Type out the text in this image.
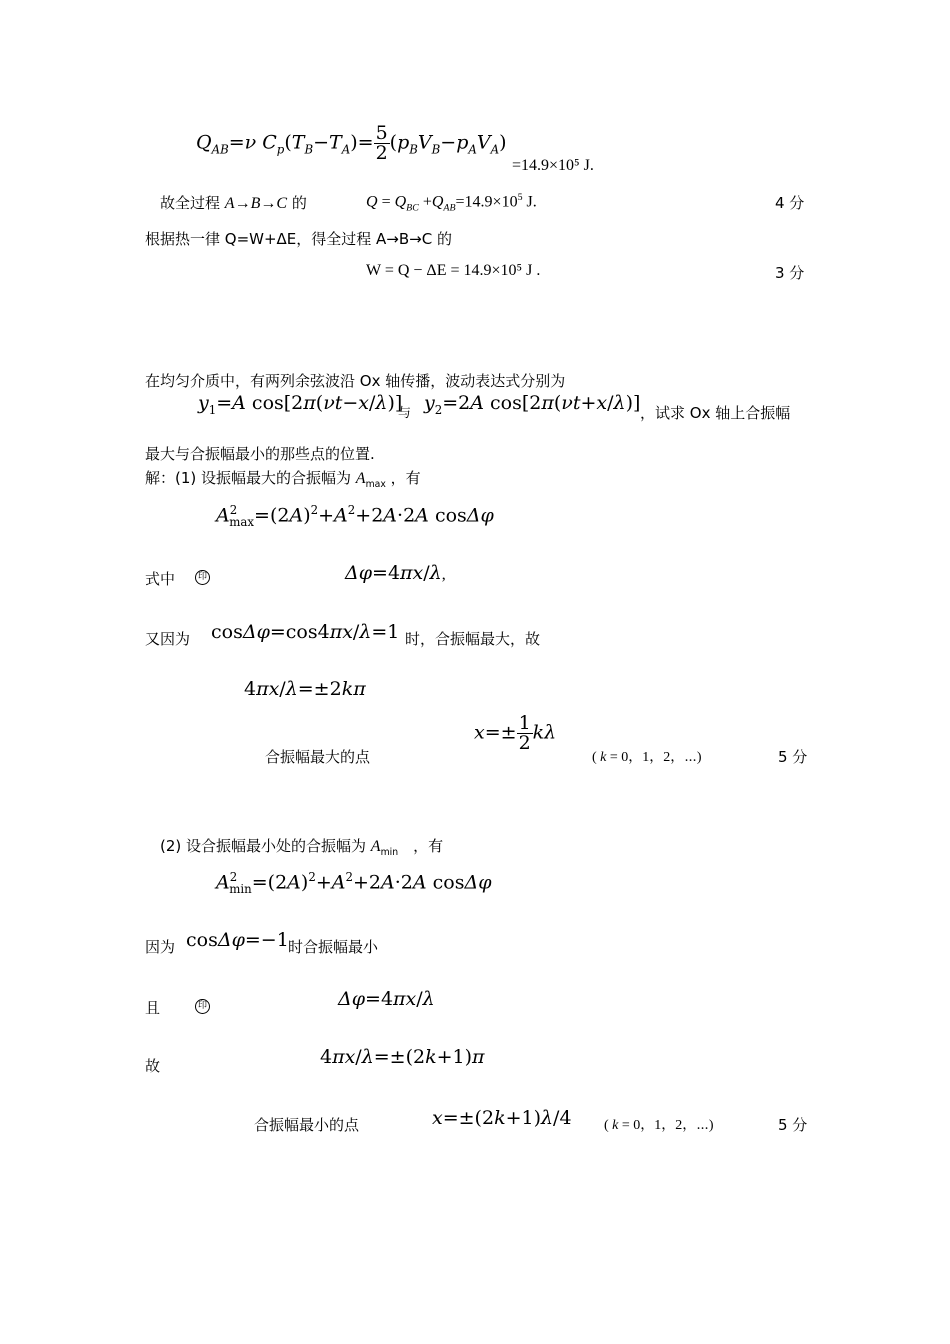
$Q_{AB}=\nu$ $C_p(T_B-T_A)= \frac{5}{2} (p_BV_B-p_AV_A)$
=14.9×10⁵ J.
故全过程 A→B→C 的	$Q = Q_{BC} +Q_{AB}=14.9\times 10^5$ J.	4 分
根据热一律 Q=W+ΔE，得全过程 A→B→C 的
W = Q − ΔE = 14.9×10⁵ J .	3 分
在均匀介质中，有两列余弦波沿 Ox 轴传播，波动表达式分别为
$y_1=A$ cos[2π(νt−x/λ)]
与 $y_2=2A$ cos[2π(νt+x/λ)] ，试求 Ox 轴上合振幅
最大与合振幅最小的那些点的位置.
解：(1) 设振幅最大的合振幅为 $A_{max}$ ，有
$A^2_{max}=(2A)^2+A^2+2A\cdot 2A$ cosΔφ
式中	印	Δφ=4πx/λ,
又因为 cosΔφ=cos4πx/λ=1 时，合振幅最大，故
4πx/λ=±2kπ
合振幅最大的点
$x=\pm \frac{1}{2}$ kλ
( k = 0，1，2，⋯)	5 分
(2) 设合振幅最小处的合振幅为 $A_{min}$　，有
$A^2_{min}=(2A)^2+A^2+2A\cdot 2A$ cosΔφ
因为 cosΔφ=−1 时合振幅最小
且	印	Δφ=4πx/λ
故	4πx/λ=±(2k+1)π
合振幅最小的点	x=±(2k+1)λ/4 ( k = 0，1，2，⋯)	5 分
